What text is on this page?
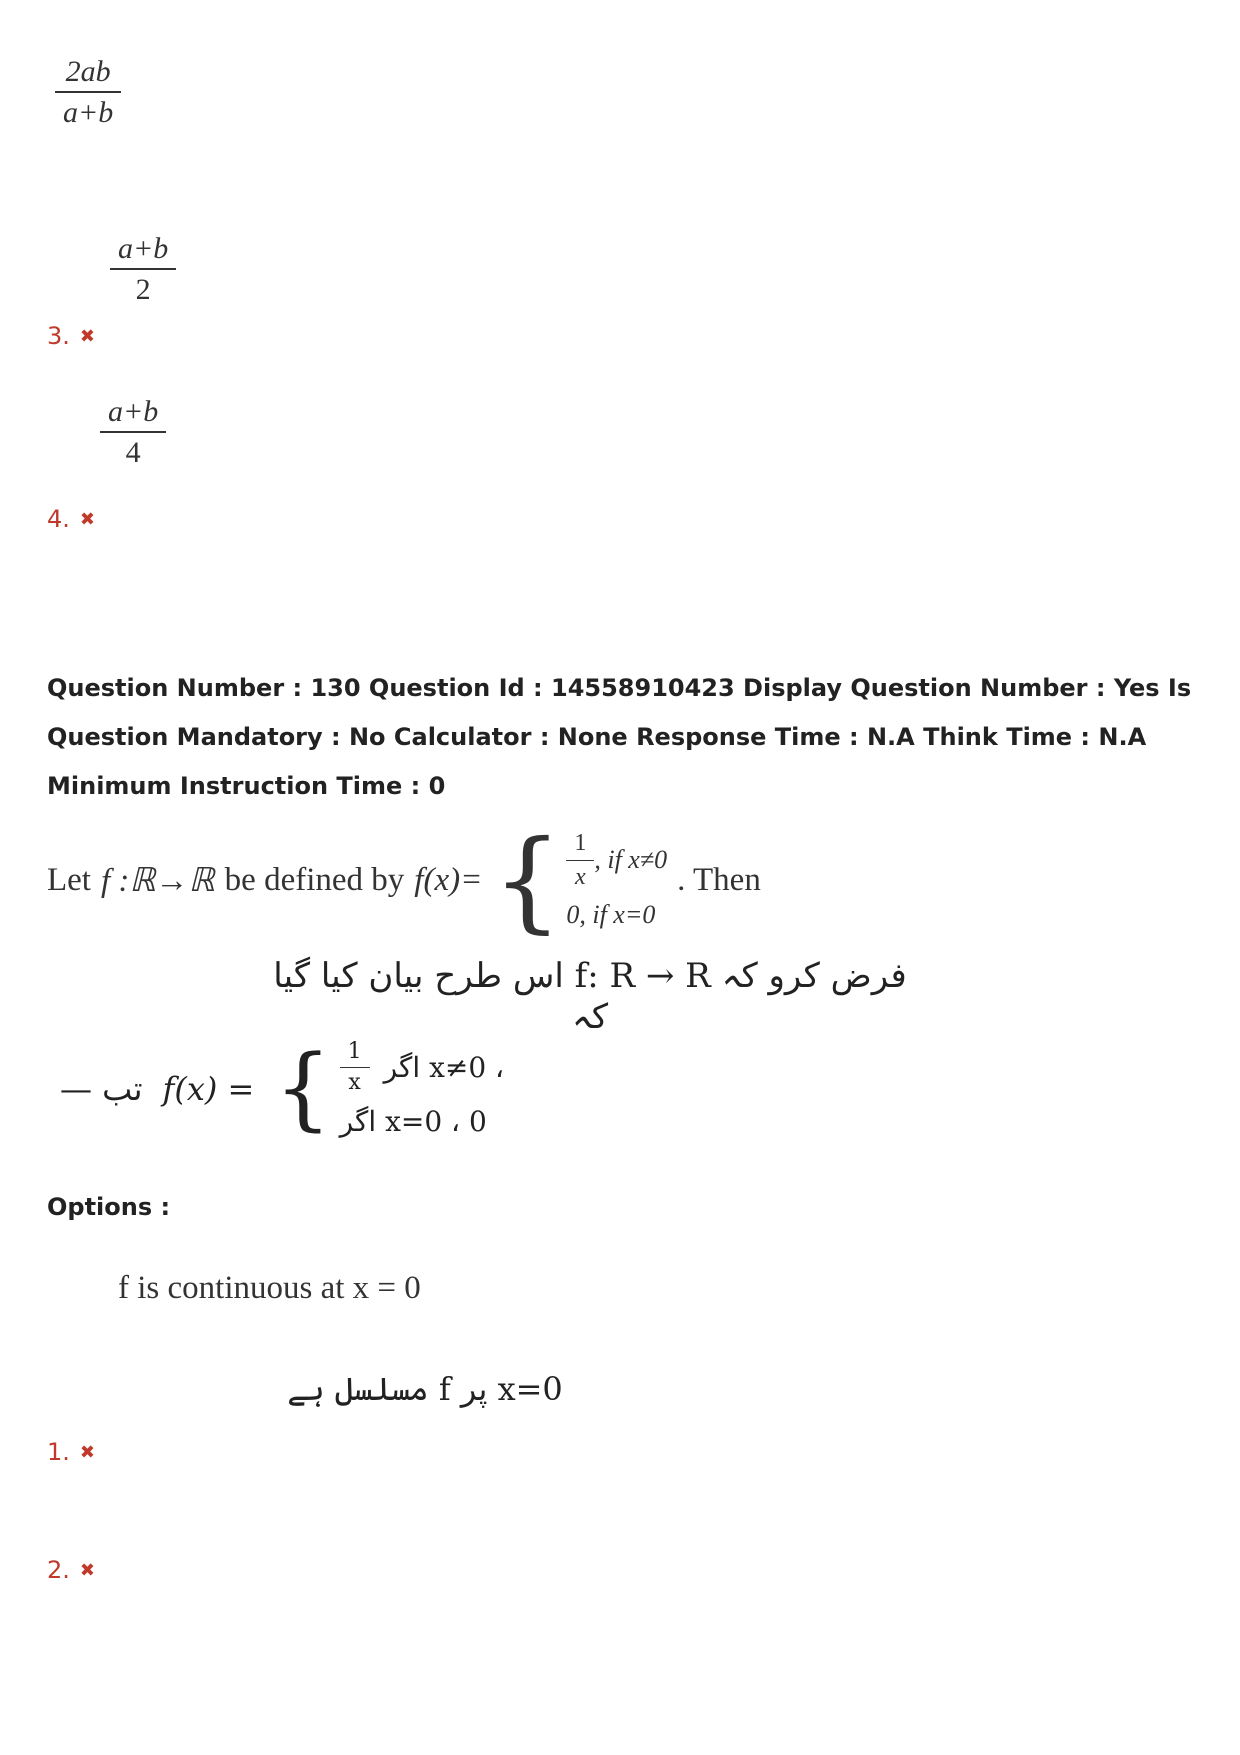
$\frac{2ab}{a+b}$
$\frac{a+b}{2}$
3. ✖
$\frac{a+b}{4}$
4. ✖
Question Number : 130 Question Id : 14558910423 Display Question Number : Yes Is Question Mandatory : No Calculator : None Response Time : N.A Think Time : N.A Minimum Instruction Time : 0
Let f :ℝ→ℝ be defined by f(x)= { $\frac{1}{x}$ , if x≠0
0, if x=0
. Then
فرض کرو کہ f: R → R اس طرح بیان کیا گیا کہ
تب — f(x) = { $\frac{1}{x}$ ، x≠0 اگر
0 ، x=0 اگر
Options :
f is continuous at x = 0
x=0 پر f مسلسل ہے
1. ✖
2. ✖
